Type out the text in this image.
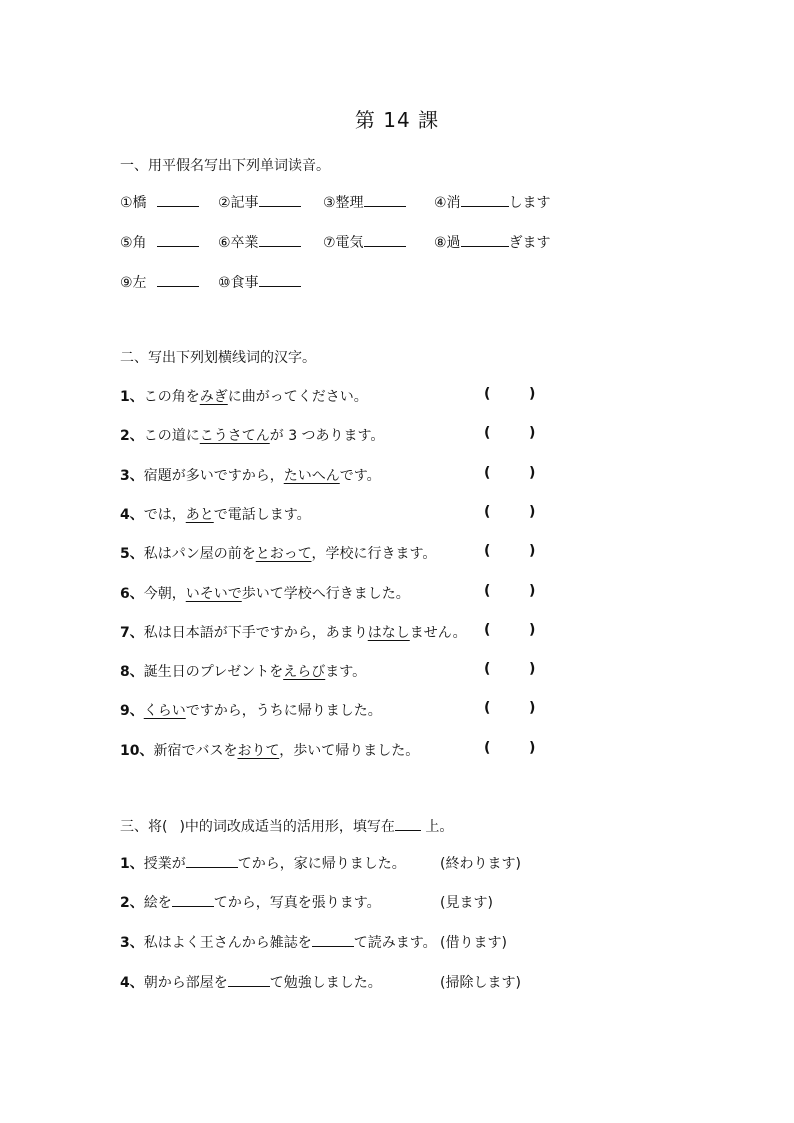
第 14 課
一、用平假名写出下列单词读音。
①橋	②記事	③整理	④消	します
⑤角	⑥卒業	⑦電気	⑧過	ぎます
⑨左	⑩食事
二、写出下列划横线词的汉字。
1、この角をみぎに曲がってください。	(	)
2、この道にこうさてんが 3 つあります。	(	)
3、宿題が多いですから，たいへんです。	(	)
4、では，あとで電話します。	(	)
5、私はパン屋の前をとおって，学校に行きます。	(	)
6、今朝，いそいで歩いて学校へ行きました。	(	)
7、私は日本語が下手ですから，あまりはなしません。 (	)
8、誕生日のプレゼントをえらびます。	(	)
9、くらいですから，うちに帰りました。	(	)
10、新宿でバスをおりて，歩いて帰りました。	(	)
三、将( )中的词改成适当的活用形，填写在 上。
1、授業が	てから，家に帰りました。 (終わります)
2、絵を	てから，写真を張ります。	(見ます)
3、私はよく王さんから雑誌を	て読みます。 (借ります)
4、朝から部屋を	て勉強しました。	(掃除します)
